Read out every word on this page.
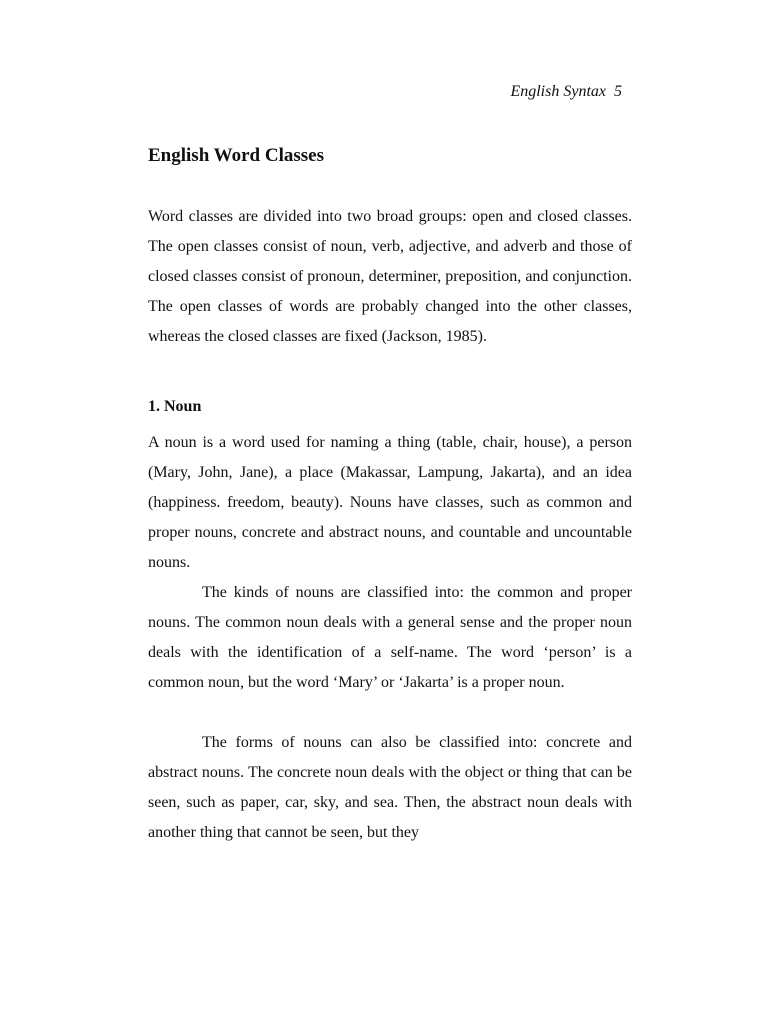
English Syntax  5
English Word Classes

Word classes are divided into two broad groups: open and closed classes. The open classes consist of noun, verb, adjective, and adverb and those of closed classes consist of pronoun, determiner, preposition, and conjunction. The open classes of words are probably changed into the other classes, whereas the closed classes are fixed (Jackson, 1985).

1. Noun

A noun is a word used for naming a thing (table, chair, house), a person (Mary, John, Jane), a place (Makassar, Lampung, Jakarta), and an idea (happiness. freedom, beauty). Nouns have classes, such as common and proper nouns, concrete and abstract nouns, and countable and uncountable nouns.

The kinds of nouns are classified into: the common and proper nouns. The common noun deals with a general sense and the proper noun deals with the identification of a self-name. The word ‘person’ is a common noun, but the word ‘Mary’ or ‘Jakarta’ is a proper noun.

The forms of nouns can also be classified into: concrete and abstract nouns. The concrete noun deals with the object or thing that can be seen, such as paper, car, sky, and sea. Then, the abstract noun deals with another thing that cannot be seen, but they
